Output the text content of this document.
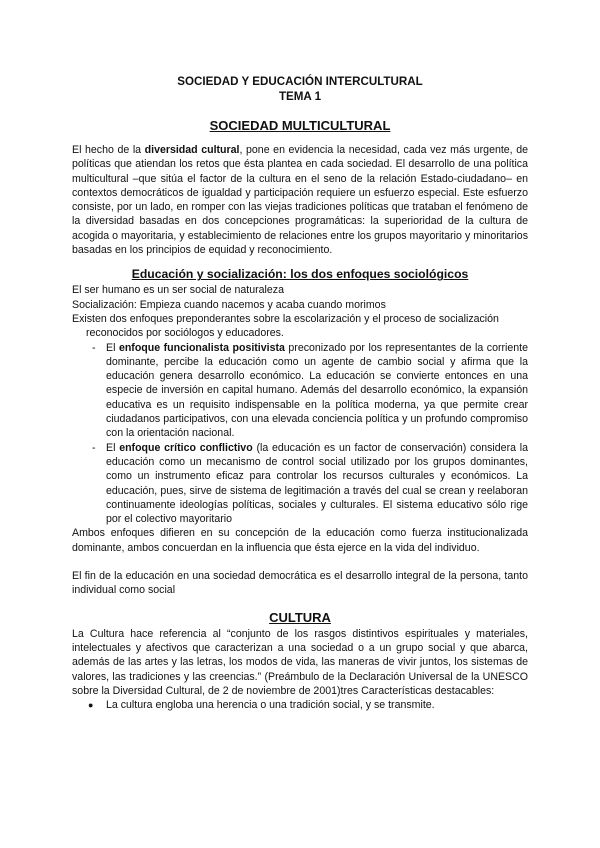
SOCIEDAD Y EDUCACIÓN INTERCULTURAL
TEMA 1
SOCIEDAD MULTICULTURAL

El hecho de la diversidad cultural, pone en evidencia la necesidad, cada vez más urgente, de políticas que atiendan los retos que ésta plantea en cada sociedad. El desarrollo de una política multicultural –que sitúa el factor de la cultura en el seno de la relación Estado-ciudadano– en contextos democráticos de igualdad y participación requiere un esfuerzo especial. Este esfuerzo consiste, por un lado, en romper con las viejas tradiciones políticas que trataban el fenómeno de la diversidad basadas en dos concepciones programáticas: la superioridad de la cultura de acogida o mayoritaria, y establecimiento de relaciones entre los grupos mayoritario y minoritarios basadas en los principios de equidad y reconocimiento.

Educación y socialización: los dos enfoques sociológicos

El ser humano es un ser social de naturaleza

Socialización: Empieza cuando nacemos y acaba cuando morimos

Existen dos enfoques preponderantes sobre la escolarización y el proceso de socialización

reconocidos por sociólogos y educadores.

- El enfoque funcionalista positivista preconizado por los representantes de la corriente dominante, percibe la educación como un agente de cambio social y afirma que la educación genera desarrollo económico. La educación se convierte entonces en una especie de inversión en capital humano. Además del desarrollo económico, la expansión educativa es un requisito indispensable en la política moderna, ya que permite crear ciudadanos participativos, con una elevada conciencia política y un profundo compromiso con la orientación nacional.
- El enfoque crítico conflictivo (la educación es un factor de conservación) considera la educación como un mecanismo de control social utilizado por los grupos dominantes, como un instrumento eficaz para controlar los recursos culturales y económicos. La educación, pues, sirve de sistema de legitimación a través del cual se crean y reelaboran continuamente ideologías políticas, sociales y culturales. El sistema educativo sólo rige por el colectivo mayoritario

Ambos enfoques difieren en su concepción de la educación como fuerza institucionalizada dominante, ambos concuerdan en la influencia que ésta ejerce en la vida del individuo.

El fin de la educación en una sociedad democrática es el desarrollo integral de la persona, tanto individual como social

CULTURA

La Cultura hace referencia al “conjunto de los rasgos distintivos espirituales y materiales, intelectuales y afectivos que caracterizan a una sociedad o a un grupo social y que abarca, además de las artes y las letras, los modos de vida, las maneras de vivir juntos, los sistemas de valores, las tradiciones y las creencias.” (Preámbulo de la Declaración Universal de la UNESCO sobre la Diversidad Cultural, de 2 de noviembre de 2001)tres Características destacables:

● La cultura engloba una herencia o una tradición social, y se transmite.
